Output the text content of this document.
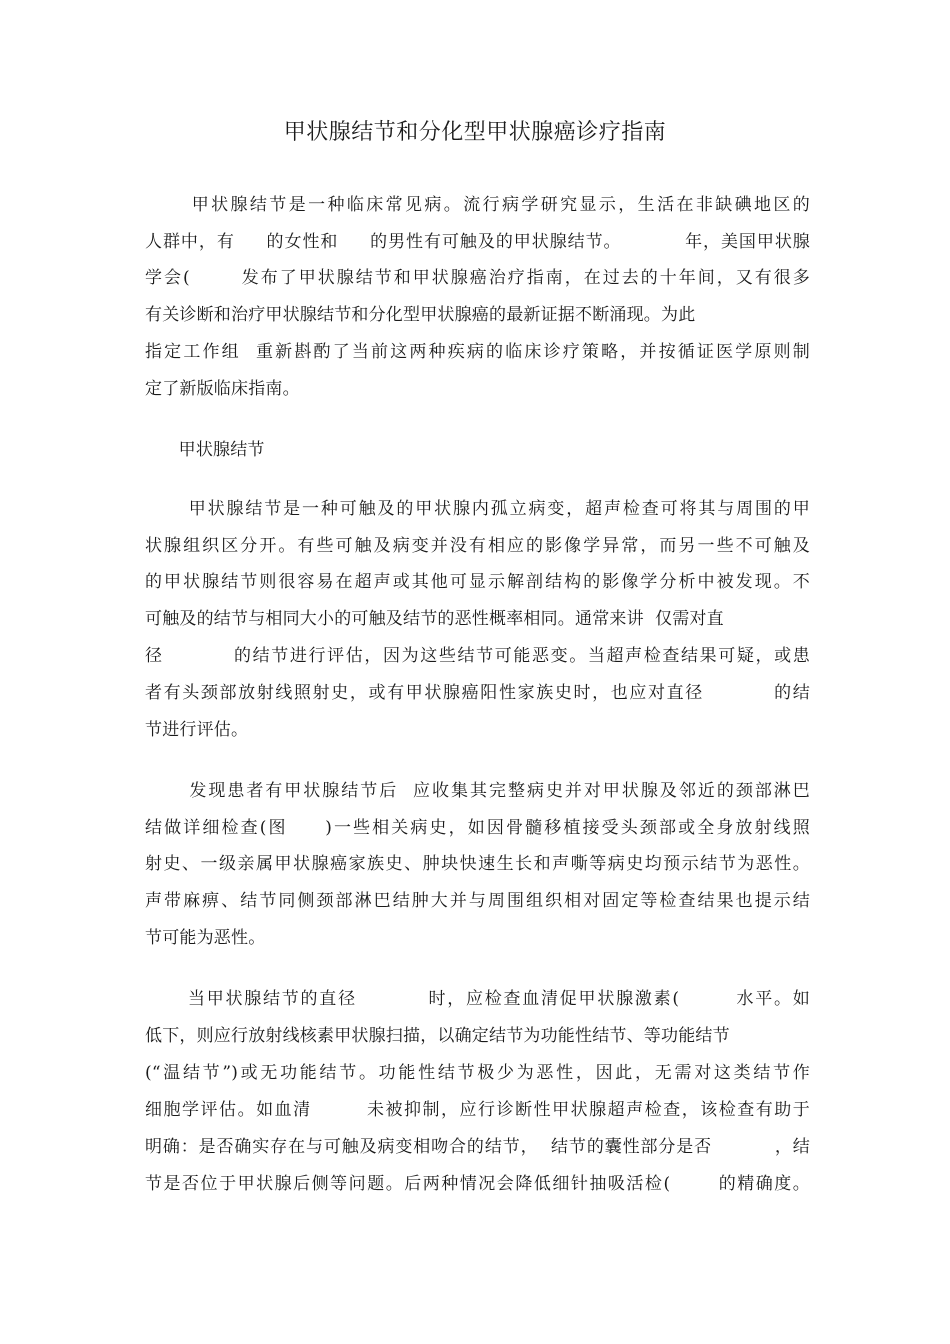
甲状腺结节和分化型甲状腺癌诊疗指南
甲状腺结节是一种临床常见病。流行病学研究显示，生活在非缺碘地区的
人群中，有     的女性和     的男性有可触及的甲状腺结节。          年，美国甲状腺
学会(       发布了甲状腺结节和甲状腺癌治疗指南，在过去的十年间，又有很多
有关诊断和治疗甲状腺结节和分化型甲状腺癌的最新证据不断涌现。为此
指定工作组  重新斟酌了当前这两种疾病的临床诊疗策略，并按循证医学原则制
定了新版临床指南。
甲状腺结节
甲状腺结节是一种可触及的甲状腺内孤立病变，超声检查可将其与周围的甲
状腺组织区分开。有些可触及病变并没有相应的影像学异常，而另一些不可触及
的甲状腺结节则很容易在超声或其他可显示解剖结构的影像学分析中被发现。不
可触及的结节与相同大小的可触及结节的恶性概率相同。通常来讲  仅需对直
径          的结节进行评估，因为这些结节可能恶变。当超声检查结果可疑，或患
者有头颈部放射线照射史，或有甲状腺癌阳性家族史时，也应对直径          的结
节进行评估。
发现患者有甲状腺结节后  应收集其完整病史并对甲状腺及邻近的颈部淋巴
结做详细检查(图     )一些相关病史，如因骨髓移植接受头颈部或全身放射线照
射史、一级亲属甲状腺癌家族史、肿块快速生长和声嘶等病史均预示结节为恶性。
声带麻痹、结节同侧颈部淋巴结肿大并与周围组织相对固定等检查结果也提示结
节可能为恶性。
当甲状腺结节的直径          时，应检查血清促甲状腺激素(        水平。如
低下，则应行放射线核素甲状腺扫描，以确定结节为功能性结节、等功能结节
(“温结节”)或无功能结节。功能性结节极少为恶性，因此，无需对这类结节作
细胞学评估。如血清        未被抑制，应行诊断性甲状腺超声检查，该检查有助于
明确：是否确实存在与可触及病变相吻合的结节，  结节的囊性部分是否          ，结
节是否位于甲状腺后侧等问题。后两种情况会降低细针抽吸活检(       的精确度。
